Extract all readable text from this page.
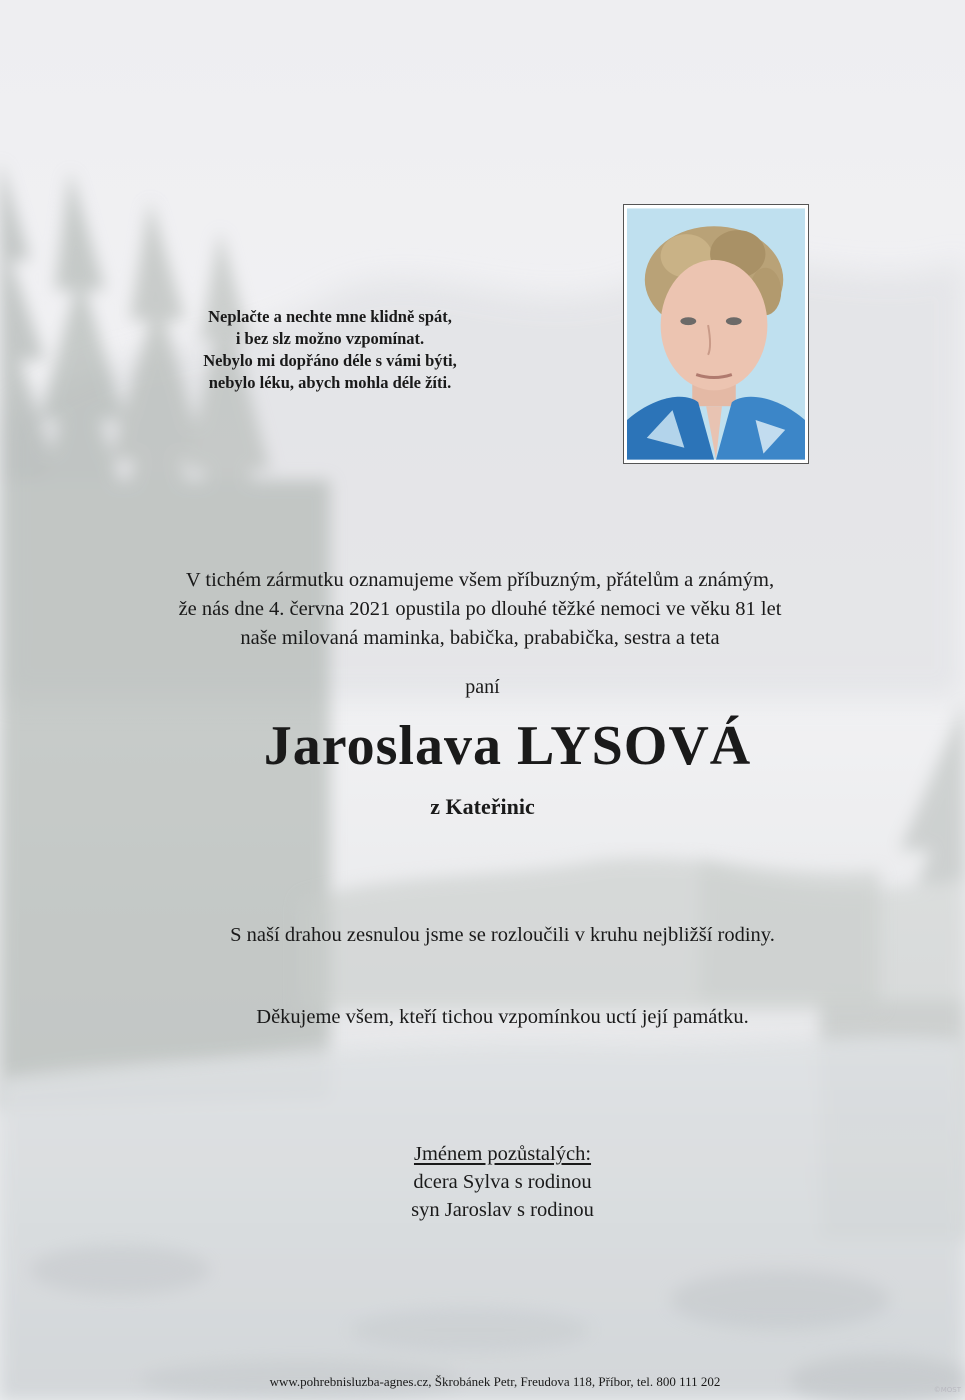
Neplačte a nechte mne klidně spát,
i bez slz možno vzpomínat.
Nebylo mi dopřáno déle s vámi býti,
nebylo léku, abych mohla déle žíti.
V tichém zármutku oznamujeme všem příbuzným, přátelům a známým,
že nás dne 4. června 2021 opustila po dlouhé těžké nemoci ve věku 81 let
naše milovaná maminka, babička, prababička, sestra a teta
paní
Jaroslava LYSOVÁ
z Kateřinic
S naší drahou zesnulou jsme se rozloučili v kruhu nejbližší rodiny.
Děkujeme všem, kteří tichou vzpomínkou uctí její památku.
Jménem pozůstalých:
dcera Sylva s rodinou
syn Jaroslav s rodinou
www.pohrebnisluzba-agnes.cz, Škrobánek Petr, Freudova 118, Příbor, tel. 800 111 202
©MOST
